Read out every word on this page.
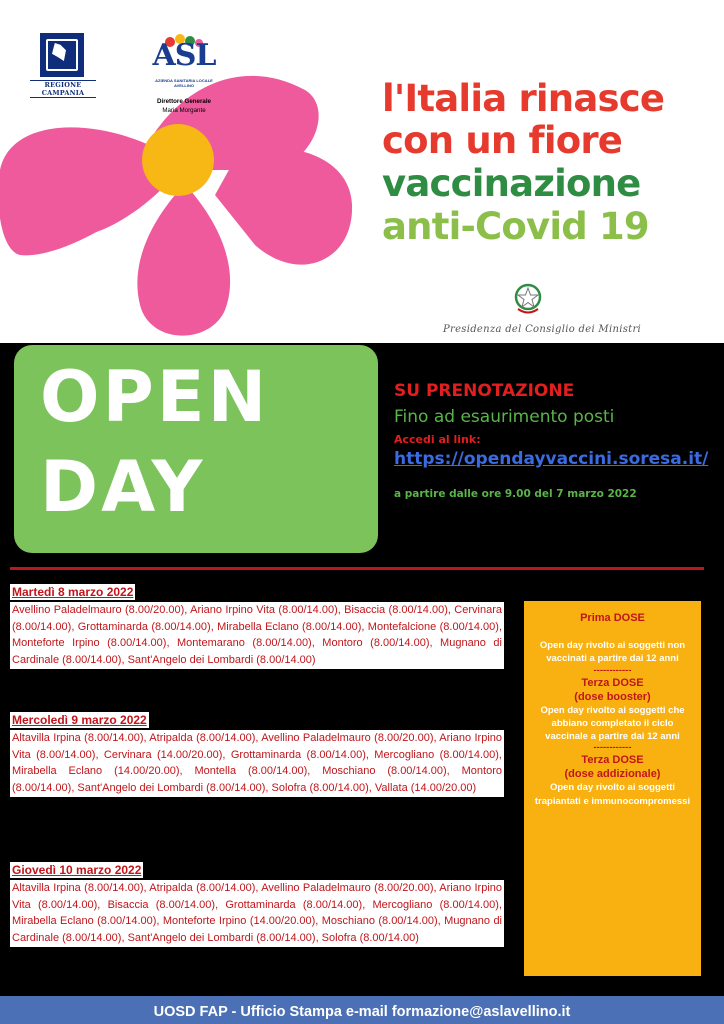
REGIONE CAMPANIA
ASL
AZIENDA SANITARIA LOCALE AVELLINO
Direttore Generale
Maria Morgante	l'Italia rinasce
con un fiore
vaccinazione
anti-Covid 19
Presidenza del Consiglio dei Ministri
OPEN
DAY
SU PRENOTAZIONE
Fino ad esaurimento posti
Accedi al link:
https://opendayvaccini.soresa.it/
a partire dalle ore 9.00 del 7 marzo 2022
Martedì 8 marzo 2022
Avellino Paladelmauro (8.00/20.00), Ariano Irpino Vita (8.00/14.00), Bisaccia (8.00/14.00), Cervinara (8.00/14.00), Grottaminarda (8.00/14.00), Mirabella Eclano (8.00/14.00), Montefalcione (8.00/14.00), Monteforte Irpino (8.00/14.00), Montemarano (8.00/14.00), Montoro (8.00/14.00), Mugnano di Cardinale (8.00/14.00), Sant'Angelo dei Lombardi (8.00/14.00)
Mercoledì 9 marzo 2022
Altavilla Irpina (8.00/14.00), Atripalda (8.00/14.00), Avellino Paladelmauro (8.00/20.00), Ariano Irpino Vita (8.00/14.00), Cervinara (14.00/20.00), Grottaminarda (8.00/14.00), Mercogliano (8.00/14.00), Mirabella Eclano (14.00/20.00), Montella (8.00/14.00), Moschiano (8.00/14.00), Montoro (8.00/14.00), Sant'Angelo dei Lombardi (8.00/14.00), Solofra (8.00/14.00), Vallata (14.00/20.00)
Giovedì 10 marzo 2022
Altavilla Irpina (8.00/14.00), Atripalda (8.00/14.00), Avellino Paladelmauro (8.00/20.00), Ariano Irpino Vita (8.00/14.00), Bisaccia (8.00/14.00), Grottaminarda (8.00/14.00), Mercogliano (8.00/14.00), Mirabella Eclano (8.00/14.00), Monteforte Irpino (14.00/20.00), Moschiano (8.00/14.00), Mugnano di Cardinale (8.00/14.00), Sant'Angelo dei Lombardi (8.00/14.00), Solofra (8.00/14.00)
Prima DOSE
Open day rivolto ai soggetti non vaccinati a partire dai 12 anni
------------
Terza DOSE
(dose booster)
Open day rivolto ai soggetti che abbiano completato il ciclo vaccinale a partire dai 12 anni
------------
Terza DOSE
(dose addizionale)
Open day rivolto ai soggetti trapiantati e immunocompromessi
UOSD FAP - Ufficio Stampa e-mail formazione@aslavellino.it
